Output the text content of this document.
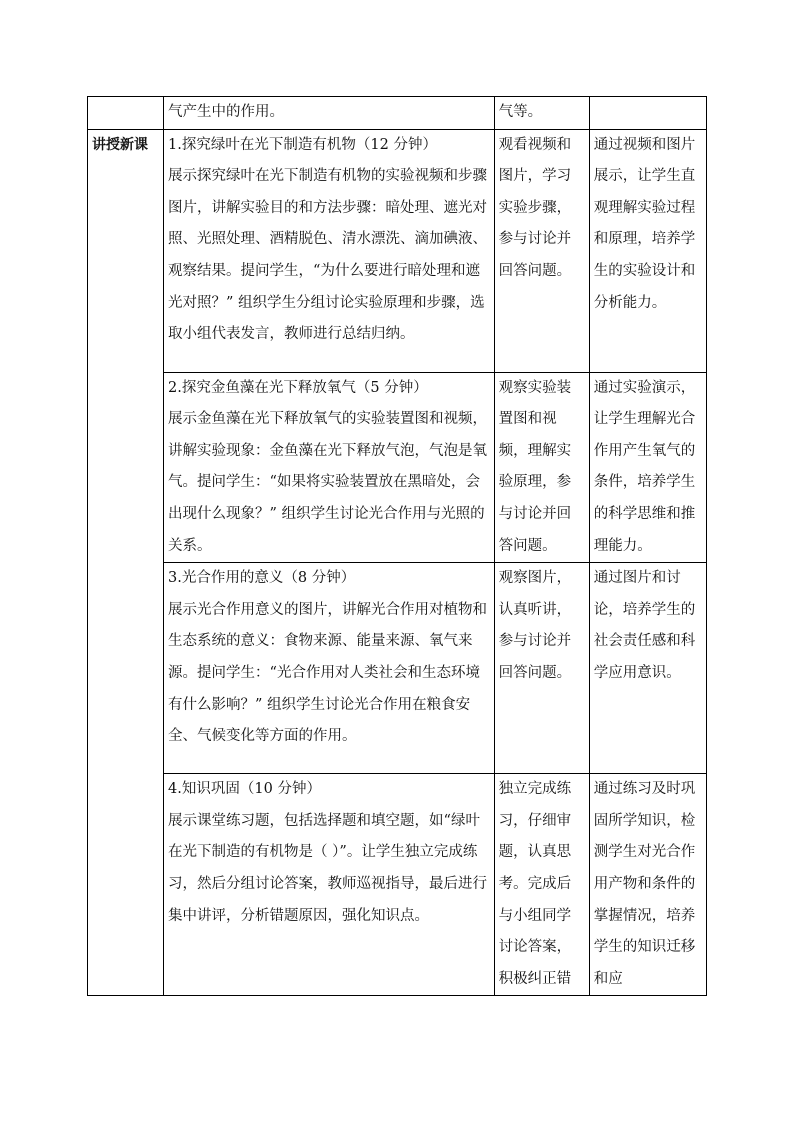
	气产生中的作用。	气等。	
讲授新课	1.探究绿叶在光下制造有机物（12 分钟）
展示探究绿叶在光下制造有机物的实验视频和步骤图片，讲解实验目的和方法步骤：暗处理、遮光对照、光照处理、酒精脱色、清水漂洗、滴加碘液、观察结果。提问学生，“为什么要进行暗处理和遮光对照？” 组织学生分组讨论实验原理和步骤，选取小组代表发言，教师进行总结归纳。	观看视频和图片，学习实验步骤，参与讨论并回答问题。	通过视频和图片展示，让学生直观理解实验过程和原理，培养学生的实验设计和分析能力。

	2.探究金鱼藻在光下释放氧气（5 分钟）
展示金鱼藻在光下释放氧气的实验装置图和视频，讲解实验现象：金鱼藻在光下释放气泡，气泡是氧气。提问学生：“如果将实验装置放在黑暗处，会出现什么现象？” 组织学生讨论光合作用与光照的关系。	观察实验装置图和视频，理解实验原理，参与讨论并回答问题。	通过实验演示，让学生理解光合作用产生氧气的条件，培养学生的科学思维和推理能力。

	3.光合作用的意义（8 分钟）
展示光合作用意义的图片，讲解光合作用对植物和生态系统的意义：食物来源、能量来源、氧气来源。提问学生：“光合作用对人类社会和生态环境有什么影响？” 组织学生讨论光合作用在粮食安全、气候变化等方面的作用。	观察图片，认真听讲，参与讨论并回答问题。	通过图片和讨论，培养学生的社会责任感和科学应用意识。

	4.知识巩固（10 分钟）
展示课堂练习题，包括选择题和填空题，如“绿叶在光下制造的有机物是（ ）”。让学生独立完成练习，然后分组讨论答案，教师巡视指导，最后进行集中讲评，分析错题原因，强化知识点。	独立完成练习，仔细审题，认真思考。完成后与小组同学讨论答案，积极纠正错	通过练习及时巩固所学知识，检测学生对光合作用产物和条件的掌握情况，培养学生的知识迁移和应
